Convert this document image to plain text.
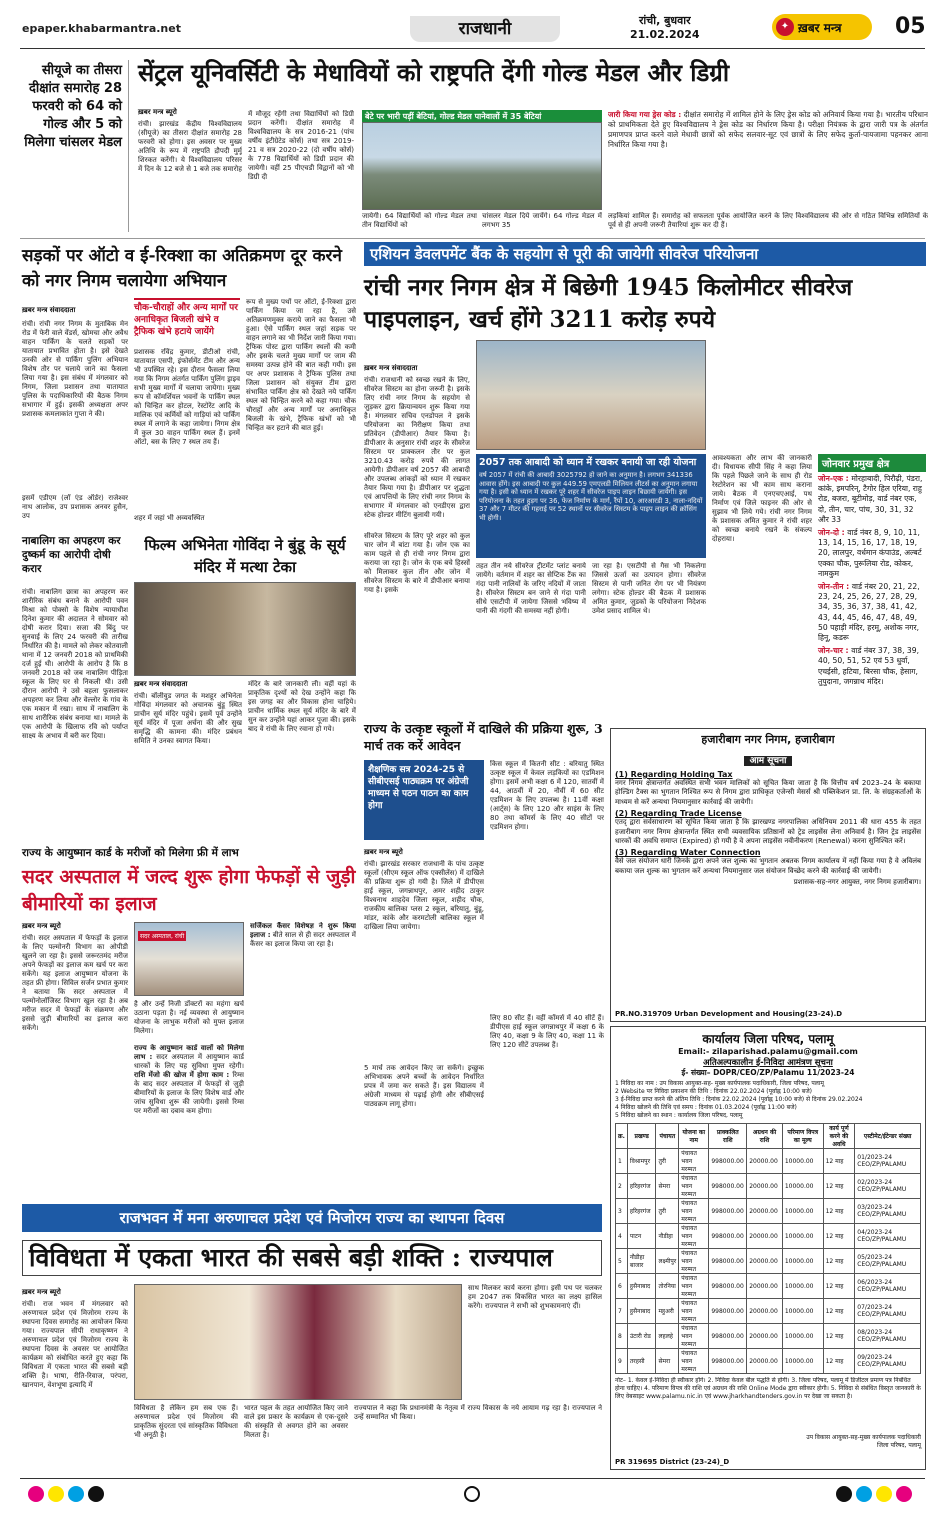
epaper.khabarmantra.net	राजधानी	रांची, बुधवार
21.02.2024
✦ ख़बर मन्त्र 05
सीयूजे का तीसरा दीक्षांत समारोह 28 फरवरी को 64 को गोल्ड और 5 को मिलेगा चांसलर मेडल
सेंट्रल यूनिवर्सिटी के मेधावियों को राष्ट्रपति देंगी गोल्ड मेडल और डिग्री
ख़बर मन्त्र ब्यूरो
रांची। झारखंड केंद्रीय विश्वविद्यालय (सीयूजे) का तीसरा दीक्षांत समारोह 28 फरवरी को होगा। इस अवसर पर मुख्य अतिथि के रूप में राष्ट्रपति द्रौपदी मुर्मू शिरकत करेंगी। ये विश्वविद्यालय परिसर में दिन के 12 बजे से 1 बजे तक समारोह
में मौजूद रहेंगी तथा विद्यार्थियों को डिग्री प्रदान करेंगी। दीक्षांत समारोह में विश्वविद्यालय के सत्र 2016-21 (पांच वर्षीय इंटीग्रेटेड कोर्स) तथा सत्र 2019-21 व सत्र 2020-22 (दो वर्षीय कोर्स) के 778 विद्यार्थियों को डिग्री प्रदान की जायेगी। वहीं 25 पीएचडी विद्वानों को भी डिग्री दी
बेटे पर भारी पड़ीं बेटियां, गोल्ड मेडल पानेवालों में 35 बेटियां
जायेगी। 64 विद्यार्थियों को गोल्ड मेडल तथा तीन विद्यार्थियों को
चांसलर मेडल दिये जायेंगे। 64 गोल्ड मेडल में लगभग 35
जारी किया गया ड्रेस कोड : दीक्षांत समारोह में शामिल होने के लिए ड्रेस कोड को अनिवार्य किया गया है। भारतीय परिधान को प्राथमिकता देते हुए विश्वविद्यालय ने ड्रेस कोड का निर्धारण किया है। परीक्षा नियंत्रक के द्वारा जारी पत्र के अंतर्गत प्रमाणपत्र प्राप्त करने वाले मेधावी छात्रों को सफेद सलवार-सूट एवं छात्रों के लिए सफेद कुर्ता-पायजामा पहनकर आना निर्धारित किया गया है।
लड़कियां शामिल हैं। समारोह को सफलता पूर्वक आयोजित करने के लिए विश्वविद्यालय की ओर से गठित विभिन्न समितियों के पूर्व से ही अपनी जरूरी तैयारियां शुरू कर दी हैं।
सड़कों पर ऑटो व ई-रिक्शा का अतिक्रमण दूर करने को नगर निगम चलायेगा अभियान
ख़बर मन्त्र संवाददाता
रांची। रांची नगर निगम के मुताबिक मेन रोड में फेरी वाले वेंडर्स, खोमचा और अवैध वाहन पार्किंग के चलते सड़कों पर यातायात प्रभावित होता है। इसे देखते उनकी ओर से पार्किंग पुलिंग अभियान विशेष तौर पर चलाये जाने का फैसला लिया गया है। इस संबंध में मंगलवार को निगम, जिला प्रशासन तथा यातायात पुलिस के पदाधिकारियों की बैठक निगम सभागार में हुई। इसकी अध्यक्षता अपर प्रशासक कमलाकांत गुप्ता ने की।
इसमें एडीएम (लॉ एंड ऑर्डर) राजेश्वर नाथ आलोक, उप प्रशासक अनवर हुसैन, उप
चौक-चौराहों और अन्य मार्गों पर अनाधिकृत बिजली खंभे व ट्रैफिक खंभे हटाये जायेंगे
प्रशासक रविंद्र कुमार, डीटीओ रांची, यातायात एसपी, इंफोर्समेंट टीम और अन्य भी उपस्थित रहे। इस दौरान फैसला लिया गया कि निगम अंतर्गत पार्किंग पुलिंग ड्राइव सभी मुख्य मार्गों में चलाया जायेगा। मुख्य रूप से कॉमर्शियल भवनों के पार्किंग स्थल को चिन्हित कर होटल, रेस्टोरेंट आदि के मालिक एवं कर्मियों को गाड़ियां को पार्किंग स्थल में लगाने के कहा जायेगा। निगम क्षेत्र में कुल 30 वाहन पार्किंग स्थल हैं। इनमें ऑटो, बस के लिए 7 स्थल तय हैं।
शहर में जहां भी अव्यवस्थित
रूप से मुख्य पथों पर ऑटो, ई-रिक्शा द्वारा पार्किंग किया जा रहा है, उसे अतिक्रमणमुक्त कराये जाने का फैसला भी हुआ। ऐसे पार्किंग स्थल जहां सड़क पर वाहन लगाने का भी निर्देश जारी किया गया। ट्रैफिक पोस्ट द्वारा पार्किंग स्थलों की कमी और इसके चलते मुख्य मार्गों पर जाम की समस्या उत्पन्न होने की बात कही गयी। इस पर अपर प्रशासक ने ट्रैफिक पुलिस तथा जिला प्रशासन को संयुक्त टीम द्वारा संभावित पार्किंग क्षेत्र को देखते नये पार्किंग स्थल को चिन्हित करने को कहा गया। चौक चौराहों और अन्य मार्गों पर अनाधिकृत बिजली के खंभे, ट्रैफिक खंभों को भी चिन्हित कर हटाने की बात हुई।
एशियन डेवलपमेंट बैंक के सहयोग से पूरी की जायेगी सीवरेज परियोजना
रांची नगर निगम क्षेत्र में बिछेगी 1945 किलोमीटर सीवरेज पाइपलाइन, खर्च होंगे 3211 करोड़ रुपये
ख़बर मन्त्र संवाददाता
रांची। राजधानी को स्वच्छ रखने के लिए, सीवरेज सिस्टम का होना जरूरी है। इसके लिए रांची नगर निगम के सहयोग से जुड़कर द्वारा क्रियान्वयन शुरू किया गया है। मंगलवार सचिव एनडोपल ने इसके परियोजना का निरीक्षण किया तथा प्रतिवेदन (डीपीआर) तैयार किया है। डीपीआर के अनुसार रांची शहर के सीवरेज सिस्टम पर प्राक्कलन तौर पर कुल 3210.43 करोड़ रुपये की लागत आयेगी। डीपीआर वर्ष 2057 की आबादी और उपलब्ध आंकड़ों को ध्यान में रखकर तैयार किया गया है। डीपीआर पर शुद्धता एवं आपत्तियों के लिए रांची नगर निगम के सभागार में मंगलवार को एनडीएस द्वारा स्टेक होल्डर मीटिंग बुलायी गयी।
सीवरेज सिस्टम के लिए पूरे शहर को कुल चार जोन में बांटा गया है। जोन एक का काम पहले से ही रांची नगर निगम द्वारा कराया जा रहा है। जोन के एक बचे हिस्सों को मिलाकर कुल तीन और जोन में सीवरेज सिस्टम के बारे में डीपीआर बनाया गया है। इसके
2057 तक आबादी को ध्यान में रखकर बनायी जा रही योजना
वर्ष 2057 में रांची की आबादी 3025792 हो जाने का अनुमान है। लगभग 341336 आवास होंगे। इस आबादी पर कुल 449.59 एमएलडी मिलियन लीटर्स का अनुमान लगाया गया है। इसी को ध्यान में रखकर पूरे शहर में सीवरेज पाइप लाइन बिछायी जायेगी। इस परियोजना के तहत हुड़ग पर 36, फेज निर्माण के मार्ग, रैंपों 10, आरआरडी 3, नाला-नदियों 37 और 7 मीटर की गहराई पर 52 स्थानों पर सीवरेज सिस्टम के पाइप लाइन की क्रॉसिंग भी होगी।
तहत तीन नये सीवरेज ट्रीटमेंट प्लांट बनाये जायेंगे। वर्तमान में शहर का सेप्टिक टैंक का गंदा पानी नालियों के जरिए नदियों में जाता है। सीवरेज सिस्टम बन जाने से गंदा पानी सीधे एसटीपी में जायेगा जिससे भविष्य में पानी की गंदगी की समस्या नहीं होगी।
जा रहा है। एसटीपी से गैस भी निकलेगा जिससे ऊर्जा का उत्पादन होगा। सीवरेज सिस्टम से पानी जनित रोग पर भी नियंत्रण लगेगा। स्टेक होल्डर की बैठक में प्रशासक अमित कुमार, जुडको के परियोजना निदेशक उमेश प्रसाद शामिल थे।
आवश्यकता और लाभ की जानकारी दी। विधायक सीपी सिंह ने कहा लिया कि पहले पिछले जाने के साथ ही रोड रेस्टोरेशन का भी काम साथ कराना जाये। बैठक में एनएचएआई, पथ निर्माण एवं जिले फाइनर की ओर से सुझाव भी लिये गये। रांची नगर निगम के प्रशासक अमित कुमार ने रांची शहर को स्वच्छ बनाये रखने के संकल्प दोहराया।
जोनवार प्रमुख क्षेत्र
जोन-एक : मोरहाबादी, पिरौढ़ी, पंडरा, कांके, इमपरिन्, टैगोर हिल एरिया, राहु रोड, बजरा, बूटीमोड़, वार्ड नंबर एक, दो, तीन, चार, पांच, 30, 31, 32 और 33
जोन-दो : वार्ड नंबर 8, 9, 10, 11, 13, 14, 15, 16, 17, 18, 19, 20, लालपुर, वर्धमान कंपाउंड, अल्बर्ट एक्का चौक, पुरूलिया रोड, कोकर, नामकुम
जोन-तीन : वार्ड नंबर 20, 21, 22, 23, 24, 25, 26, 27, 28, 29, 34, 35, 36, 37, 38, 41, 42, 43, 44, 45, 46, 47, 48, 49, 50 पहाड़ी मंदिर, हरमू, अशोक नगर, हिनू, कडरू
जोन-चार : वार्ड नंबर 37, 38, 39, 40, 50, 51, 52 एवं 53 धुर्वा, एचईसी, हटिया, बिरसा चौक, हेसाग, तुपुदाना, जगन्नाथ मंदिर।
नाबालिग का अपहरण कर दुष्कर्म का आरोपी दोषी करार
रांची। नाबालिग छात्रा का अपहरण कर शारीरिक संबंध बनाने के आरोपी पवन मिश्रा को पोक्सो के विशेष न्यायाधीश दिनेश कुमार की अदालत ने सोमवार को दोषी करार दिया। सजा की बिंदु पर सुनवाई के लिए 24 फरवरी की तारीख निर्धारित की है। मामले को लेकर कोतवाली थाना में 12 जनवरी 2018 को प्राथमिकी दर्ज हुई थी। आरोपी के आरोप है कि 8 जनवरी 2018 को जब नाबालिग पीड़िता स्कूल के लिए घर से निकली थी। उसी दौरान आरोपी ने उसे बहला फुसलाकर अपहरण कर लिया और वेल्लोर के गांव के एक मकान में रखा। साथ में नाबालिग के साथ शारीरिक संबंध बनाया था। मामले के एक आरोपी के खिलाफ रवि को पर्याप्त साक्ष्य के अभाव में बरी कर दिया।
फिल्म अभिनेता गोविंदा ने बुंडू के सूर्य मंदिर में मत्था टेका
ख़बर मन्त्र संवाददाता
रांची। बॉलीवुड जगत के मशहूर अभिनेता गोविंदा मंगलवार को अचानक बुंडू स्थित प्राचीन सूर्य मंदिर पहुंचे। इसमें पूर्व उन्होंने सूर्य मंदिर में पूजा अर्चना की और सुख समृद्धि की कामना की। मंदिर प्रबंधन समिति ने उनका स्वागत किया।
मंदिर के बारे जानकारी ली। वहीं यहां के प्राकृतिक दृश्यों को देख उन्होंने कहा कि इस जगह का और विकास होना चाहिये। प्राचीन धार्मिक स्थल सूर्य मंदिर के बारे में सुन कर उन्होंने यहां आकर पूजा की। इसके बाद वे रांची के लिए रवाना हो गये।
राज्य के आयुष्मान कार्ड के मरीजों को मिलेगा फ्री में लाभ
सदर अस्पताल में जल्द शुरू होगा फेफड़ों से जुड़ी बीमारियों का इलाज
ख़बर मन्त्र ब्यूरो
रांची। सदर अस्पताल में फेफड़ों के इलाज के लिए पल्मोनरी विभाग का ओपीडी खुलने जा रहा है। इससे जरूरतमंद मरीज अपने फेफड़ों का इलाज कम खर्च पर करा सकेंगे। यह इलाज आयुष्मान योजना के तहत फ्री होगा। सिविल सर्जन प्रभात कुमार ने बताया कि सदर अस्पताल में पल्मोनोलॉजिस्ट विभाग खुल रहा है। अब मरीज सदर में फेफड़ों के संक्रमण और इससे जुड़ी बीमारियों का इलाज करा सकेंगे।
सदर अस्पताल, रांची
है और उन्हें निजी डॉक्टरों का महंगा खर्च उठाना पड़ता है। नई व्यवस्था से आयुष्मान योजना के लाभुक मरीजों को मुफ्त इलाज मिलेगा।
राज्य के आयुष्मान कार्ड वालों को मिलेगा लाभ : सदर अस्पताल में आयुष्मान कार्ड धारकों के लिए यह सुविधा मुफ्त रहेगी। राशि मेंजो की खोज में होगा काम : रिम्स के बाद सदर अस्पताल में फेफड़ों से जुड़ी बीमारियों के इलाज के लिए विशेष वार्ड और जांच सुविधा शुरू की जायेगी। इससे रिम्स पर मरीजों का दबाव कम होगा।
सर्जिकल कैंसर विशेषज्ञ ने शुरू किया इलाज : बीते साल से ही सदर अस्पताल में कैंसर का इलाज किया जा रहा है।
राज्य के उत्कृष्ट स्कूलों में दाखिले की प्रक्रिया शुरू, 3 मार्च तक करें आवेदन
शैक्षणिक सत्र 2024-25 से सीबीएसई पाठ्यक्रम पर अंग्रेजी माध्यम से पठन पाठन का काम होगा
ख़बर मन्त्र ब्यूरो
रांची। झारखंड सरकार राजधानी के पांच उत्कृष्ट स्कूलों (सीएम स्कूल ऑफ एक्सीलेंस) में दाखिले की प्रक्रिया शुरू हो गयी है। जिले में डीपीएस हाई स्कूल, जगन्नाथपुर, अमर शहीद ठाकुर विश्वनाथ शाहदेव जिला स्कूल, शहीद चौक, राजकीय बालिका प्लस 2 स्कूल, बरियातु, बुंडू, मांडर, कांके और करमटोली बालिका स्कूल में दाखिला लिया जायेगा।
5 मार्च तक आवेदन किए जा सकेंगे। इच्छुक अभिभावक अपने बच्चों के आवेदन निर्धारित प्रपत्र में जमा कर सकते हैं। इस विद्यालय में अंग्रेजी माध्यम से पढ़ाई होगी और सीबीएसई पाठ्यक्रम लागू होगा।
किस स्कूल में कितनी सीट : बरियातु स्थित उत्कृष्ट स्कूल में केवल लड़कियों का एडमिशन होगा। इसमें अभी कक्षा 6 में 120, सातवीं में 44, आठवीं में 20, नौवीं में 60 सीट एडमिशन के लिए उपलब्ध है। 11वीं कक्षा (आर्ट्स) के लिए 120 और साइंस के लिए 80 तथा कॉमर्स के लिए 40 सीटों पर एडमिशन होगा।
लिए 80 सीट हैं। वहीं कॉमर्स में 40 सीटें हैं। डीपीएस हाई स्कूल जगन्नाथपुर में कक्षा 6 के लिए 40, कक्षा 9 के लिए 40, कक्षा 11 के लिए 120 सीटें उपलब्ध हैं।
हजारीबाग नगर निगम, हजारीबाग
आम सूचना
(1) Regarding Holding Tax
नगर निगम क्षेत्रान्तर्गत अवस्थित सभी भवन मालिकों को सूचित किया जाता है कि वित्तीय वर्ष 2023–24 के बकाया होल्डिंग टैक्स का भुगतान निश्चित रूप से निगम द्वारा प्राधिकृत एजेन्सी मेसर्स श्री पब्लिकेशन प्रा. लि. के संग्रहकर्ताओं के माध्यम से करें अन्यथा नियमानुसार कार्रवाई की जायेगी।
(2) Regarding Trade License
एतद् द्वारा सर्वसाधारण को सूचित किया जाता है कि झारखण्ड नगरपालिका अधिनियम 2011 की धारा 455 के तहत हजारीबाग नगर निगम क्षेत्रान्तर्गत स्थित सभी व्यवसायिक प्रतिष्ठानों को ट्रेड लाइसेंस लेना अनिवार्य है। जिन ट्रेड लाइसेंस धारकों की अवधि समाप्त (Expired) हो गयी है वे अपना लाइसेंस नवीनीकरण (Renewal) करना सुनिश्चित करें।
(3) Regarding Water Connection
वैसे जल संयोजन धारी जिनके द्वारा अपने जल शुल्क का भुगतान अबतक निगम कार्यालय में नहीं किया गया है वे अविलंब बकाया जल शुल्क का भुगतान करें अन्यथा नियमानुसार जल संयोजन विच्छेद करने की कार्रवाई की जायेगी।
प्रशासक-सह-नगर आयुक्त, नगर निगम हजारीबाग।
PR.NO.319709 Urban Development and Housing(23-24).D
कार्यालय जिला परिषद, पलामू
Email:- zilaparishad.palamu@gmail.com
अतिअल्पकालीन ई-निविदा आमंत्रण सूचना
ई- संख्या– DOPR/CEO/ZP/Palamu 11/2023-24
1 निविदा का नाम : उप विकास आयुक्त-सह- मुख्य कार्यपालक पदाधिकारी, जिला परिषद, पलामू
2 Website पर निविदा प्रकाशन की तिथि : दिनांक 22.02.2024 (पूर्वाह्न 10:00 बजे)
3 ई-निविदा प्राप्त करने की अंतिम तिथि : दिनांक 22.02.2024 (पूर्वाह्न 10:00 बजे) से दिनांक 29.02.2024
4 निविदा खोलने की तिथि एवं समय : दिनांक 01.03.2024 (पूर्वाह्न 11:00 बजे)
5 निविदा खोलने का स्थान : कार्यालय जिला परिषद, पलामू
क्र.	प्रखण्ड	पंचायत	योजना का नाम	प्राक्कलित राशि	अग्रधन की राशि	परिमाण विपत्र का मूल्य	कार्य पूर्ण करने की अवधि	एस्टीमेट/ईटेन्डर संख्या
1	विश्रामपुर	तुरी	पंचायत भवन मरम्मत	998000.00	20000.00	10000.00	12 माह	01/2023-24 CEO/ZP/PALAMU
2	हरिहरगंज	सेमरा	पंचायत भवन मरम्मत	998000.00	20000.00	10000.00	12 माह	02/2023-24 CEO/ZP/PALAMU
3	हरिहरगंज	तुरी	पंचायत भवन मरम्मत	998000.00	20000.00	10000.00	12 माह	03/2023-24 CEO/ZP/PALAMU
4	पाटन	नौडीहा	पंचायत भवन मरम्मत	998000.00	20000.00	10000.00	12 माह	04/2023-24 CEO/ZP/PALAMU
5	नौडीहा बाजार	लक्ष्मीपुर	पंचायत भवन मरम्मत	998000.00	20000.00	10000.00	12 माह	05/2023-24 CEO/ZP/PALAMU
6	हुसैनाबाद	तोरनिया	पंचायत भवन मरम्मत	998000.00	20000.00	10000.00	12 माह	06/2023-24 CEO/ZP/PALAMU
7	हुसैनाबाद	महुअरी	पंचायत भवन मरम्मत	998000.00	20000.00	10000.00	12 माह	07/2023-24 CEO/ZP/PALAMU
8	उंटारी रोड	लहलहे	पंचायत भवन मरम्मत	998000.00	20000.00	10000.00	12 माह	08/2023-24 CEO/ZP/PALAMU
9	तरहसी	सेमरा	पंचायत भवन मरम्मत	998000.00	20000.00	10000.00	12 माह	09/2023-24 CEO/ZP/PALAMU
नोट– 1. केवल ई-निविदा ही स्वीकार होंगे। 2. निविदा केवल बील पद्धति से होगी। 3. जिला परिषद, पलामू में डिजीटल प्रमाण पत्र निबंधित होना चाहिए। 4. परिमाण विपत्र की राशि एवं अग्रधन की राशि Online Mode द्वारा स्वीकार होगी। 5. निविदा से संबंधित विस्तृत जानकारी के लिए वेबसाइट www.palamu.nic.in एवं www.jharkhandtenders.gov.in पर देखा जा सकता है।
उप विकास आयुक्त-सह-मुख्य कार्यपालक पदाधिकारी जिला परिषद, पलामू
PR 319695 District (23-24)_D
राजभवन में मना अरुणाचल प्रदेश एवं मिजोरम राज्य का स्थापना दिवस
विविधता में एकता भारत की सबसे बड़ी शक्ति : राज्यपाल
ख़बर मन्त्र ब्यूरो
रांची। राज भवन में मंगलवार को अरुणाचल प्रदेश एवं मिजोरम राज्य के स्थापना दिवस समारोह का आयोजन किया गया। राज्यपाल सीपी राधाकृष्णन ने अरुणाचल प्रदेश एवं मिजोरम राज्य के स्थापना दिवस के अवसर पर आयोजित कार्यक्रम को संबोधित करते हुए कहा कि विविधता में एकता भारत की सबसे बड़ी शक्ति है। भाषा, रीति-रिवाज, परंपरा, खानपान, वेशभूषा इत्यादि में
विविधता है लेकिन हम सब एक हैं। अरुणाचल प्रदेश एवं मिजोरम की प्राकृतिक सुंदरता एवं सांस्कृतिक विविधता भी अनूठी है।
भारत पहल के तहत आयोजित किए जाने वाले इस प्रकार के कार्यक्रम से एक-दूसरे की संस्कृति से अवगत होने का अवसर मिलता है।
साथ मिलकर कार्य करना होगा। इसी पथ पर चलकर हम 2047 तक विकसित भारत का लक्ष्य हासिल करेंगे। राज्यपाल ने सभी को शुभकामनाएं दीं।
राज्यपाल ने कहा कि प्रधानमंत्री के नेतृत्व में राज्य विकास के नये आयाम गढ़ रहा है। राज्यपाल ने उन्हें सम्मानित भी किया।
